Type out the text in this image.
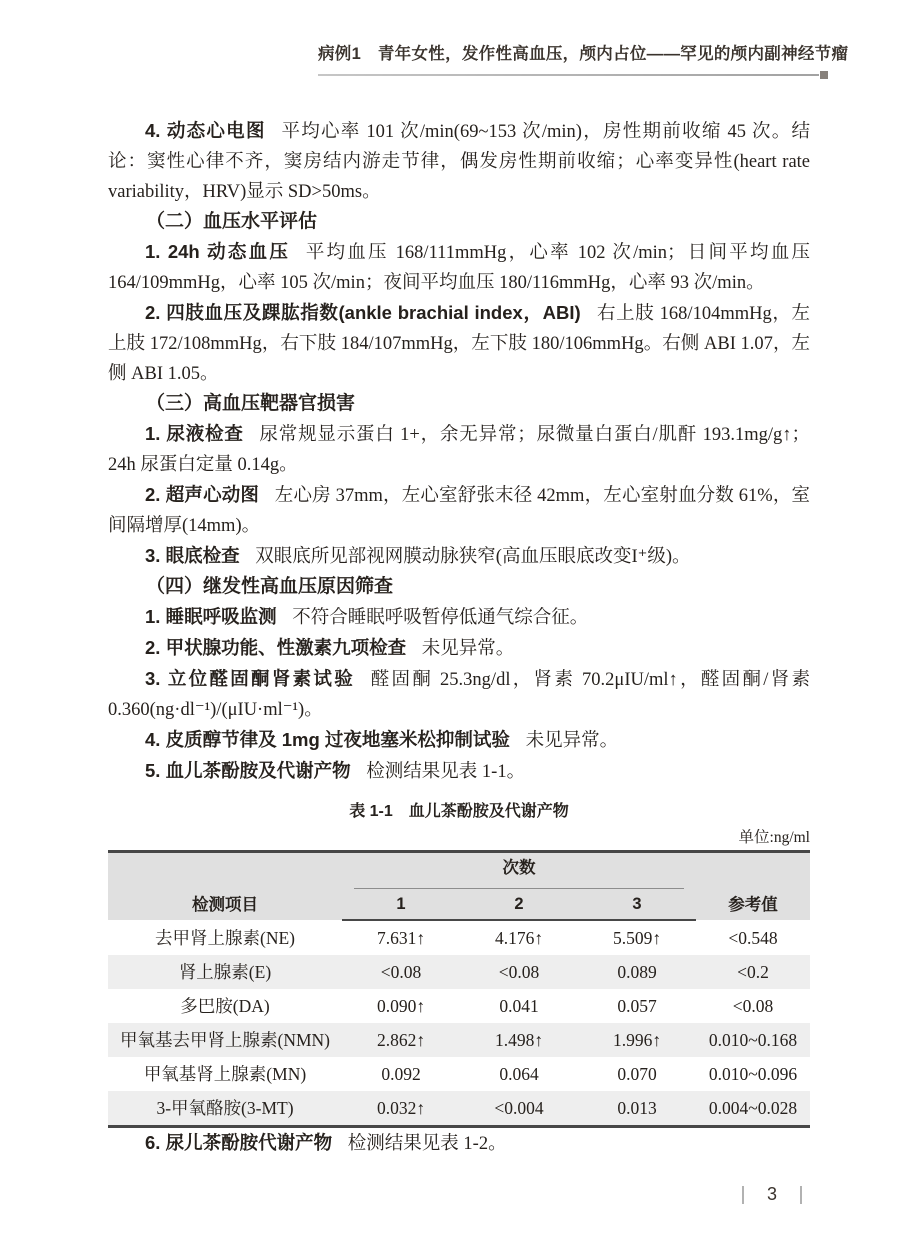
病例1　青年女性，发作性高血压，颅内占位——罕见的颅内副神经节瘤

4. 动态心电图 平均心率 101 次/min(69~153 次/min)，房性期前收缩 45 次。结论：窦性心律不齐，窦房结内游走节律，偶发房性期前收缩；心率变异性(heart rate variability，HRV)显示 SD>50ms。

（二）血压水平评估

1. 24h 动态血压 平均血压 168/111mmHg，心率 102 次/min；日间平均血压 164/109mmHg，心率 105 次/min；夜间平均血压 180/116mmHg，心率 93 次/min。

2. 四肢血压及踝肱指数(ankle brachial index，ABI) 右上肢 168/104mmHg，左上肢 172/108mmHg，右下肢 184/107mmHg，左下肢 180/106mmHg。右侧 ABI 1.07，左侧 ABI 1.05。

（三）高血压靶器官损害

1. 尿液检查 尿常规显示蛋白 1+，余无异常；尿微量白蛋白/肌酐 193.1mg/g↑；24h 尿蛋白定量 0.14g。

2. 超声心动图 左心房 37mm，左心室舒张末径 42mm，左心室射血分数 61%，室间隔增厚(14mm)。

3. 眼底检查 双眼底所见部视网膜动脉狭窄(高血压眼底改变I⁺级)。

（四）继发性高血压原因筛查

1. 睡眠呼吸监测 不符合睡眠呼吸暂停低通气综合征。

2. 甲状腺功能、性激素九项检查 未见异常。

3. 立位醛固酮肾素试验 醛固酮 25.3ng/dl，肾素 70.2μIU/ml↑，醛固酮/肾素 0.360(ng·dl⁻¹)/(μIU·ml⁻¹)。

4. 皮质醇节律及 1mg 过夜地塞米松抑制试验 未见异常。

5. 血儿茶酚胺及代谢产物 检测结果见表 1-1。

表 1-1　血儿茶酚胺及代谢产物
单位:ng/ml
检测项目	次数			参考值
	1	2	3	
去甲肾上腺素(NE)	7.631↑	4.176↑	5.509↑	<0.548
肾上腺素(E)	<0.08	<0.08	0.089	<0.2
多巴胺(DA)	0.090↑	0.041	0.057	<0.08
甲氧基去甲肾上腺素(NMN)	2.862↑	1.498↑	1.996↑	0.010~0.168
甲氧基肾上腺素(MN)	0.092	0.064	0.070	0.010~0.096
3-甲氧酪胺(3-MT)	0.032↑	<0.004	0.013	0.004~0.028

6. 尿儿茶酚胺代谢产物 检测结果见表 1-2。

3
